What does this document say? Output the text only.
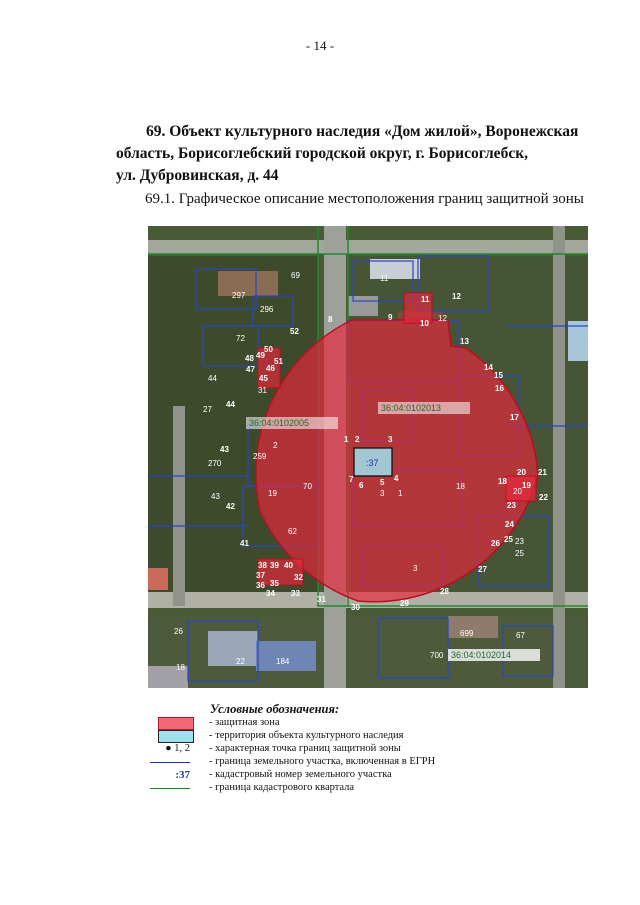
- 14 -
69. Объект культурного наследия «Дом жилой», Воронежская
область, Борисоглебский городской округ, г. Борисоглебск,
ул. Дубровинская, д. 44
69.1. Графическое описание местоположения границ защитной зоны
:37
36:04:0102013
36:04:0102005
36:04:0102014
297
296
69	11
12
72
44
31
27
270
259
19
70
43
62
18
20
1
3
25
23
184
22
700
699	67
18
26
2
3
1 2	3
4
5
6
7
8	9
10
11	12
13
14
15
16
17
18 19
20 21
22
23
24
25
26
27
28
29
30
31
32
33
34
35
36
37
38 39 40
41
42
43
44
45
46
47
48 49
50
51
52
Условные обозначения:
- защитная зона
- территория объекта культурного наследия
● 1, 2 - характерная точка границ защитной зоны
- граница земельного участка, включенная в ЕГРН
:37 - кадастровый номер земельного участка
- граница кадастрового квартала
